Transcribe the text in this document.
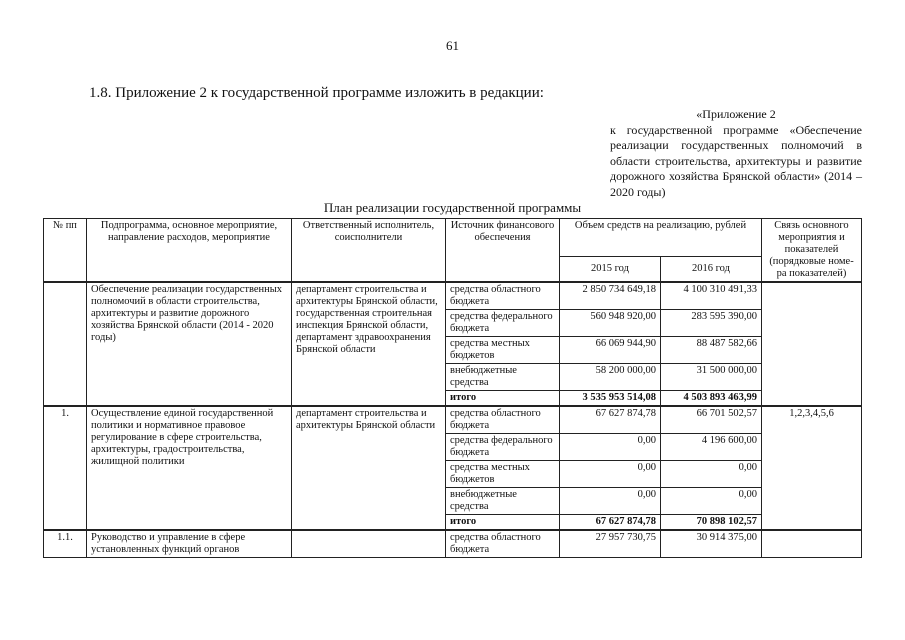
61
1.8. Приложение 2 к государственной программе изложить в редакции:
«Приложение 2
к государственной программе «Обеспечение реализации государственных полномочий в области строительства, архитектуры и развитие дорожного хозяйства Брянской области» (2014 – 2020 годы)
План реализации государственной программы
№ пп	Подпрограмма, основное мероприятие, направление расходов, мероприятие	Ответственный исполнитель, соисполнители	Источник финансового обеспечения	Объем средств на реализацию, рублей		Связь основного мероприятия и показателей (порядковые номе-ра показателей)
				2015 год	2016 год	
	Обеспечение реализации государственных полномочий в области строительства, архитектуры и развитие дорожного хозяйства Брянской области (2014 - 2020 годы)	департамент строительства и архитектуры Брянской области, государственная строительная инспекция Брянской области, департамент здравоохранения Брянской области	средства областного бюджета	2 850 734 649,18	4 100 310 491,33	
			средства федерального бюджета	560 948 920,00	283 595 390,00	
			средства местных бюджетов	66 069 944,90	88 487 582,66	
			внебюджетные средства	58 200 000,00	31 500 000,00	
			итого	3 535 953 514,08	4 503 893 463,99	
1.	Осуществление единой государственной политики и нормативное правовое регулирование в сфере строительства, архитектуры, градостроительства, жилищной политики	департамент строительства и архитектуры Брянской области	средства областного бюджета	67 627 874,78	66 701 502,57	1,2,3,4,5,6
			средства федерального бюджета	0,00	4 196 600,00	
			средства местных бюджетов	0,00	0,00	
			внебюджетные средства	0,00	0,00	
			итого	67 627 874,78	70 898 102,57	
1.1.	Руководство и управление в сфере установленных функций органов		средства областного бюджета	27 957 730,75	30 914 375,00	
